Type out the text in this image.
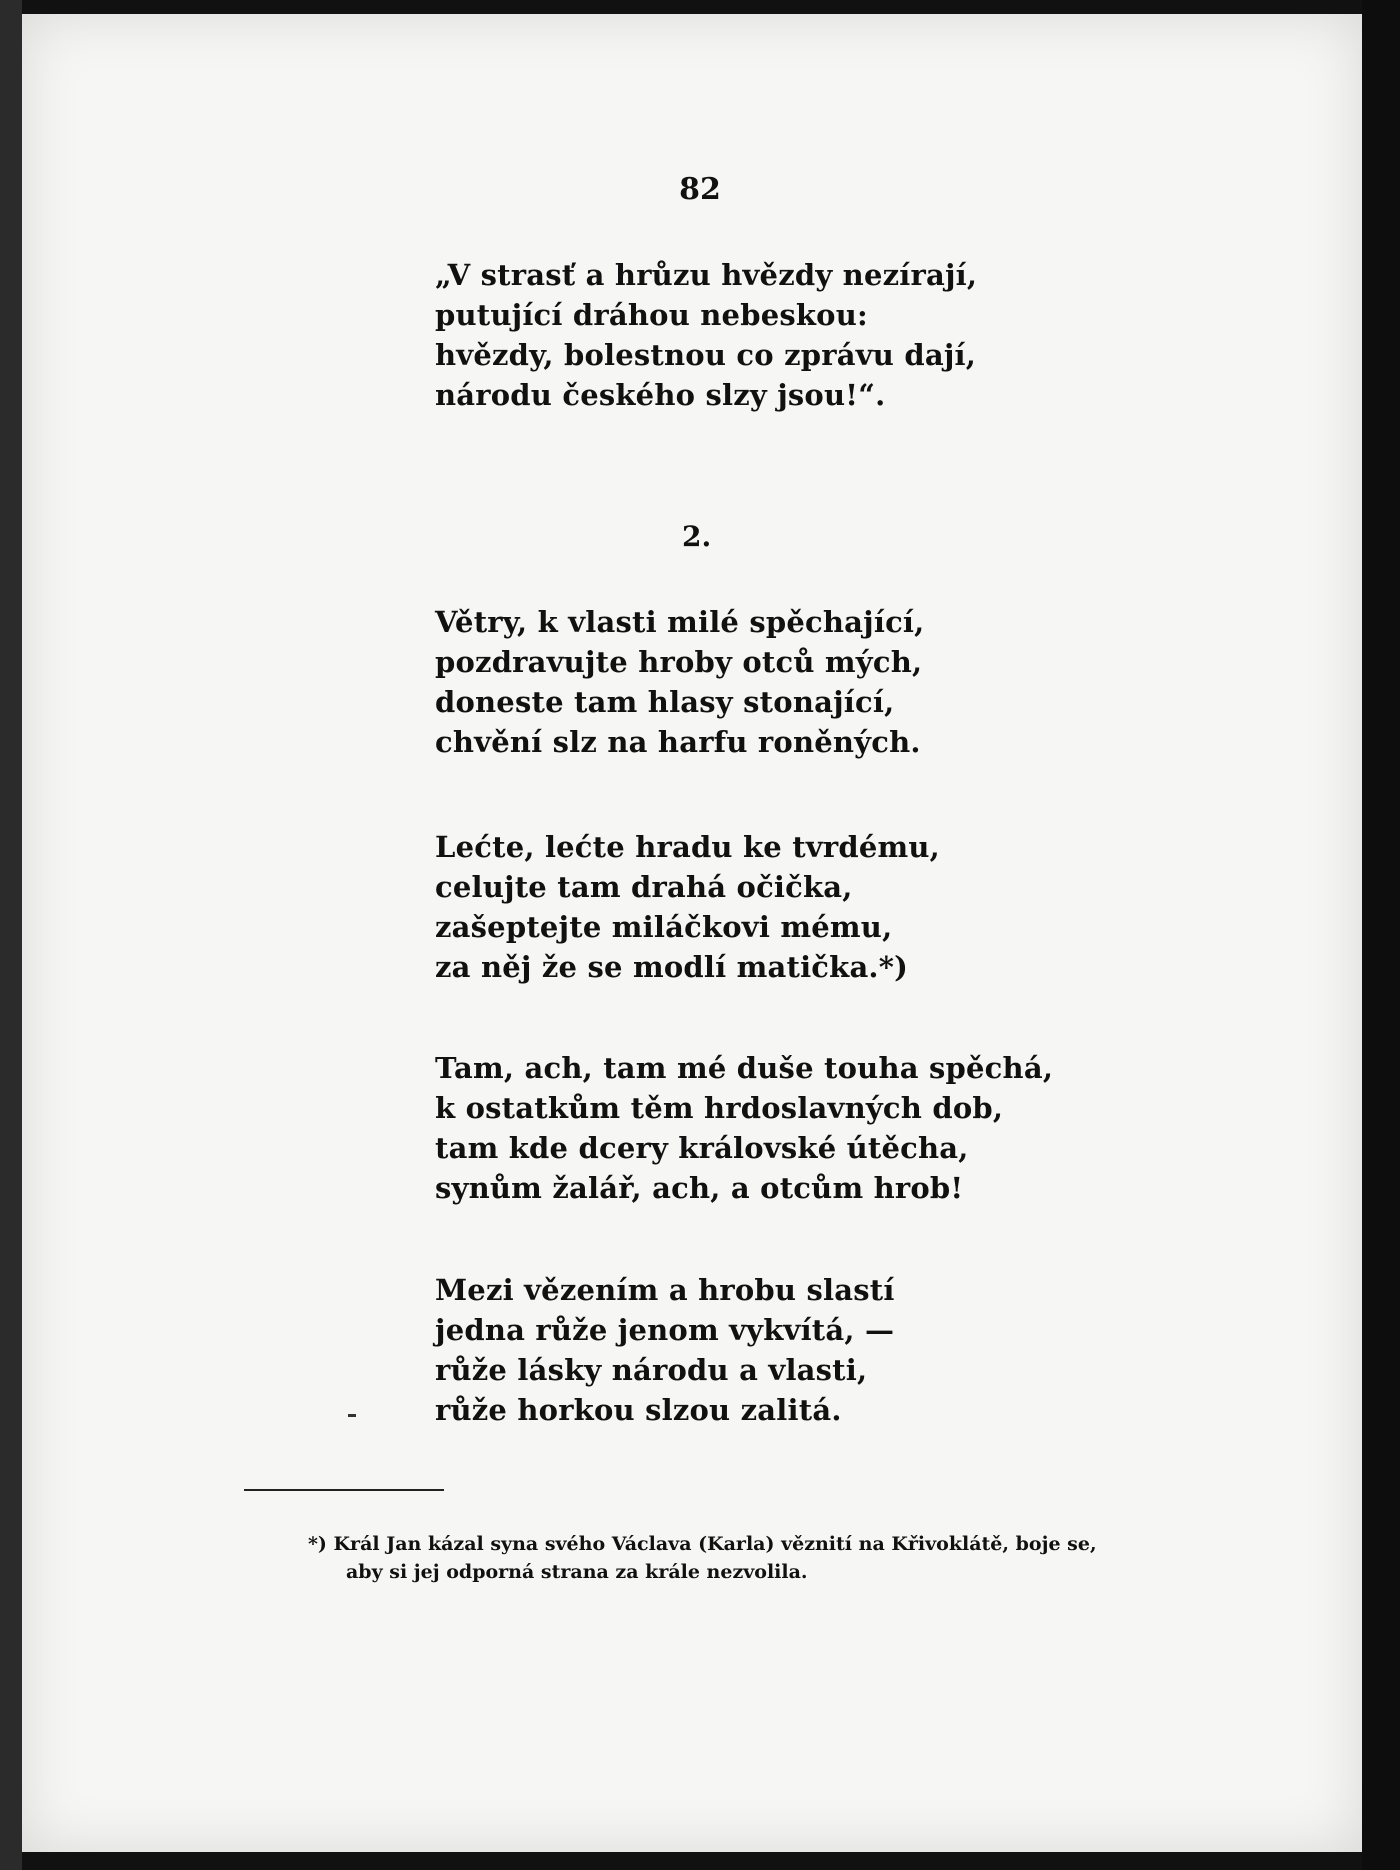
82
„V strasť a hrůzu hvězdy nezírají,
putující dráhou nebeskou:
hvězdy, bolestnou co zprávu dají,
národu českého slzy jsou!“.
2.
Větry, k vlasti milé spěchající,
pozdravujte hroby otců mých,
doneste tam hlasy stonající,
chvění slz na harfu roněných.
Lećte, lećte hradu ke tvrdému,
celujte tam drahá očička,
zašeptejte miláčkovi mému,
za něj že se modlí matička.*)
Tam, ach, tam mé duše touha spěchá,
k ostatkům těm hrdoslavných dob,
tam kde dcery královské útěcha,
synům žalář, ach, a otcům hrob!
Mezi vězením a hrobu slastí
jedna růže jenom vykvítá, —
růže lásky národu a vlasti,
růže horkou slzou zalitá.
*) Král Jan kázal syna svého Václava (Karla) věznití na Křivoklátě, boje se,
aby si jej odporná strana za krále nezvolila.
